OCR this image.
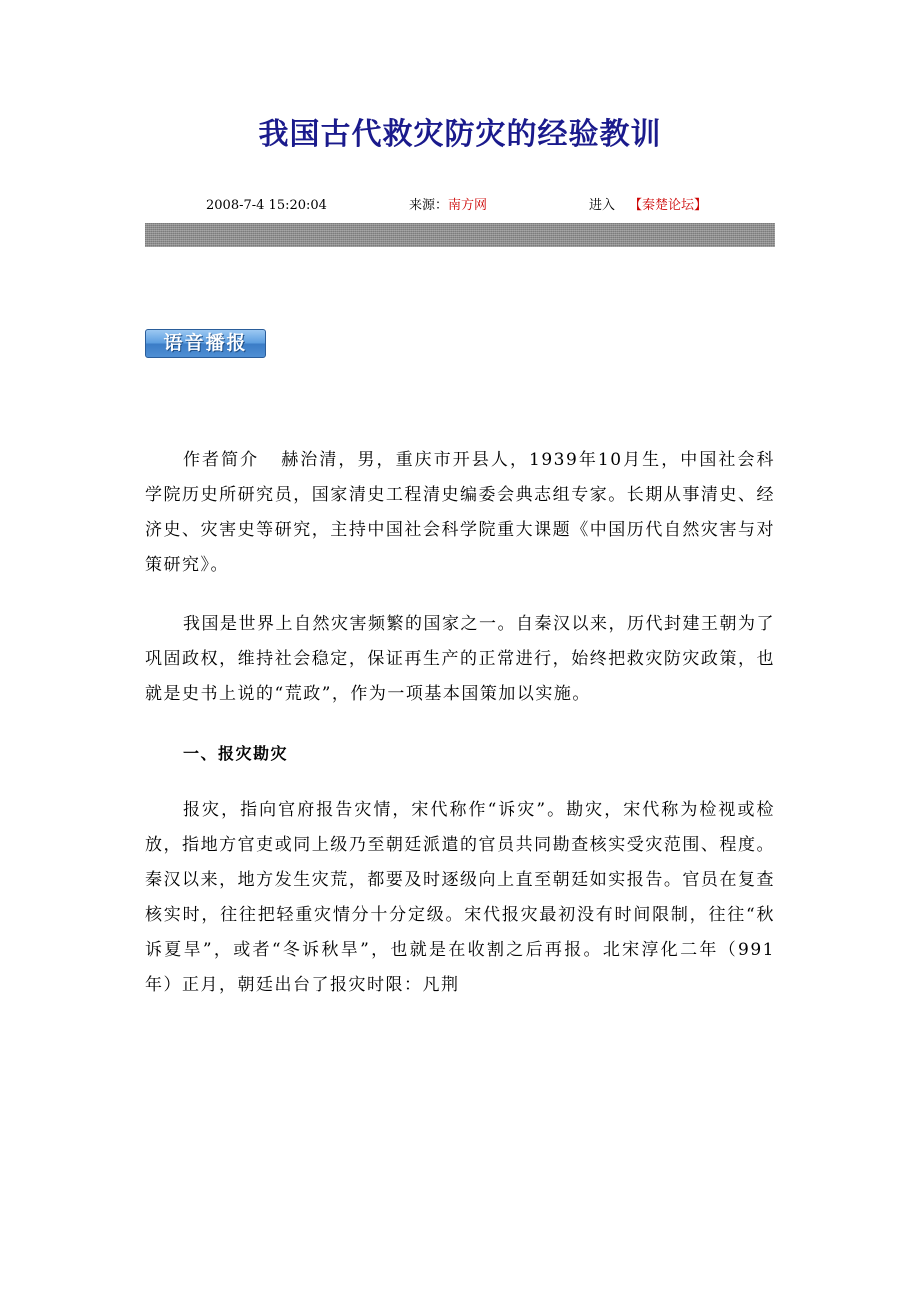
我国古代救灾防灾的经验教训
2008-7-4 15:20:04	来源：南方网	进入 【秦楚论坛】
语音播报

作者简介 赫治清，男，重庆市开县人，1939年10月生，中国社会科学院历史所研究员，国家清史工程清史编委会典志组专家。长期从事清史、经济史、灾害史等研究，主持中国社会科学院重大课题《中国历代自然灾害与对策研究》。

我国是世界上自然灾害频繁的国家之一。自秦汉以来，历代封建王朝为了巩固政权，维持社会稳定，保证再生产的正常进行，始终把救灾防灾政策，也就是史书上说的“荒政”，作为一项基本国策加以实施。

一、报灾勘灾

报灾，指向官府报告灾情，宋代称作“诉灾”。勘灾，宋代称为检视或检放，指地方官吏或同上级乃至朝廷派遣的官员共同勘查核实受灾范围、程度。秦汉以来，地方发生灾荒，都要及时逐级向上直至朝廷如实报告。官员在复查核实时，往往把轻重灾情分十分定级。宋代报灾最初没有时间限制，往往“秋诉夏旱”，或者“冬诉秋旱”，也就是在收割之后再报。北宋淳化二年（991年）正月，朝廷出台了报灾时限：凡荆
